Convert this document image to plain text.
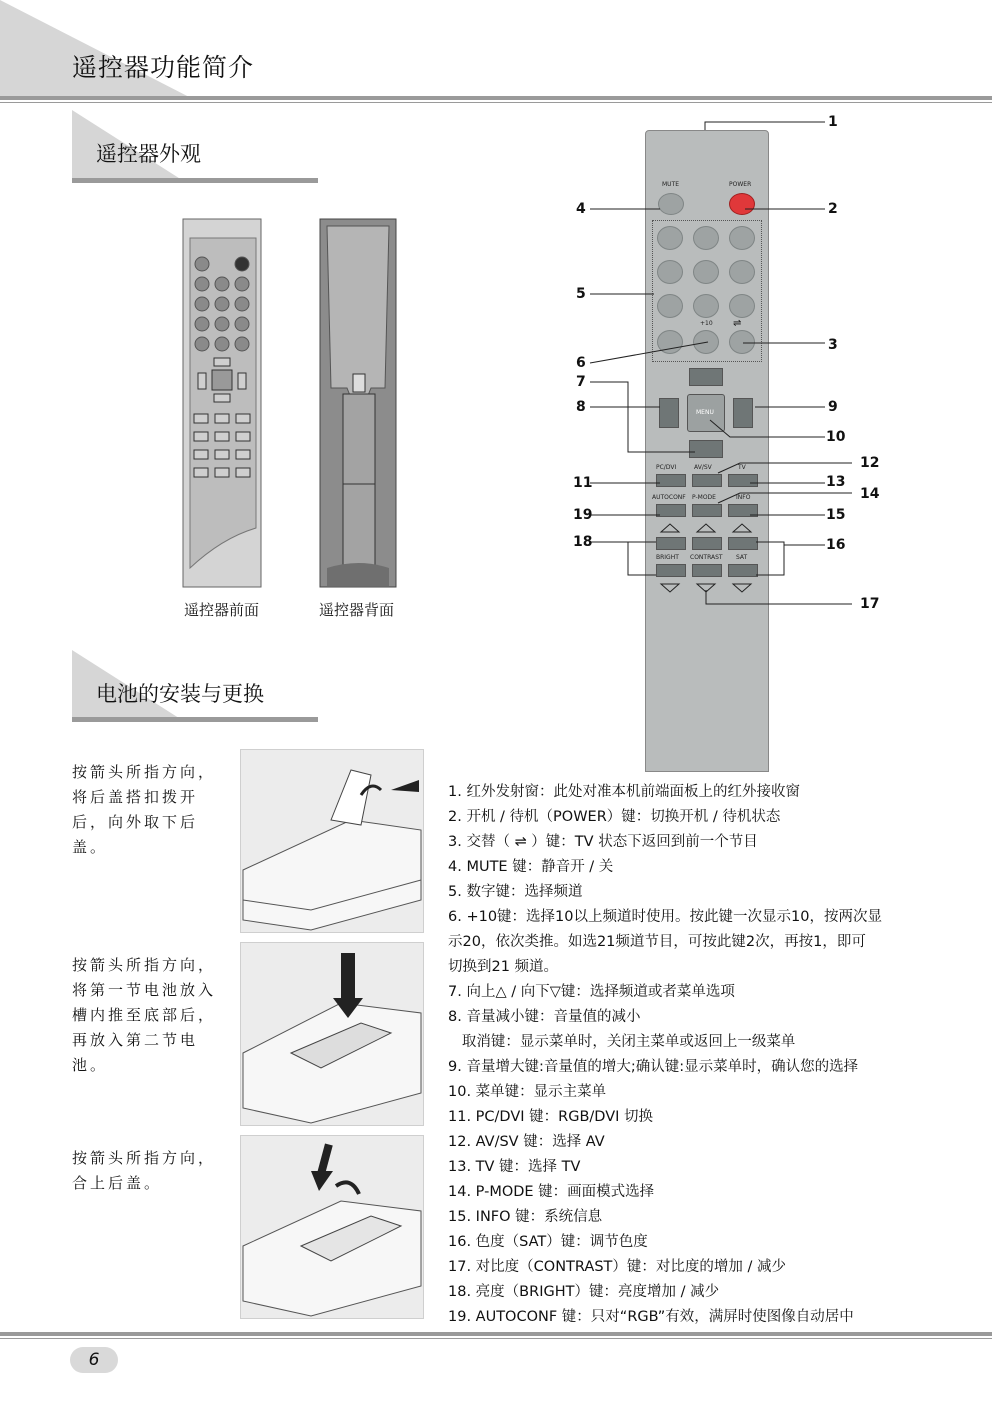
遥控器功能简介
遥控器外观
遥控器前面	遥控器背面
电池的安装与更换
按箭头所指方向，将后盖搭扣拨开后，向外取下后盖。
按箭头所指方向，将第一节电池放入槽内推至底部后，再放入第二节电池。
按箭头所指方向，合上后盖。
MUTE	POWER
+10 ⇌
MENU
PC/DVI	AV/SV	TV
AUTOCONF P-MODE	INFO
BRIGHT CONTRAST SAT
1
2
3
4
5
6
7
8	9
10
11
12
13
14
15
16
17
18
19
1. 红外发射窗：此处对准本机前端面板上的红外接收窗
2. 开机 / 待机（POWER）键：切换开机 / 待机状态
3. 交替（ ⇌ ）键：TV 状态下返回到前一个节目
4. MUTE 键：静音开 / 关
5. 数字键：选择频道
6. +10键：选择10以上频道时使用。按此键一次显示10，按两次显
示20，依次类推。如选21频道节目，可按此键2次，再按1，即可
切换到21 频道。
7. 向上△ / 向下▽键：选择频道或者菜单选项
8. 音量减小键：音量值的减小
取消键：显示菜单时，关闭主菜单或返回上一级菜单
9. 音量增大键:音量值的增大;确认键:显示菜单时，确认您的选择
10. 菜单键：显示主菜单
11. PC/DVI 键：RGB/DVI 切换
12. AV/SV 键：选择 AV
13. TV 键：选择 TV
14. P-MODE 键：画面模式选择
15. INFO 键：系统信息
16. 色度（SAT）键：调节色度
17. 对比度（CONTRAST）键：对比度的增加 / 减少
18. 亮度（BRIGHT）键：亮度增加 / 减少
19. AUTOCONF 键：只对“RGB”有效，满屏时使图像自动居中
6
